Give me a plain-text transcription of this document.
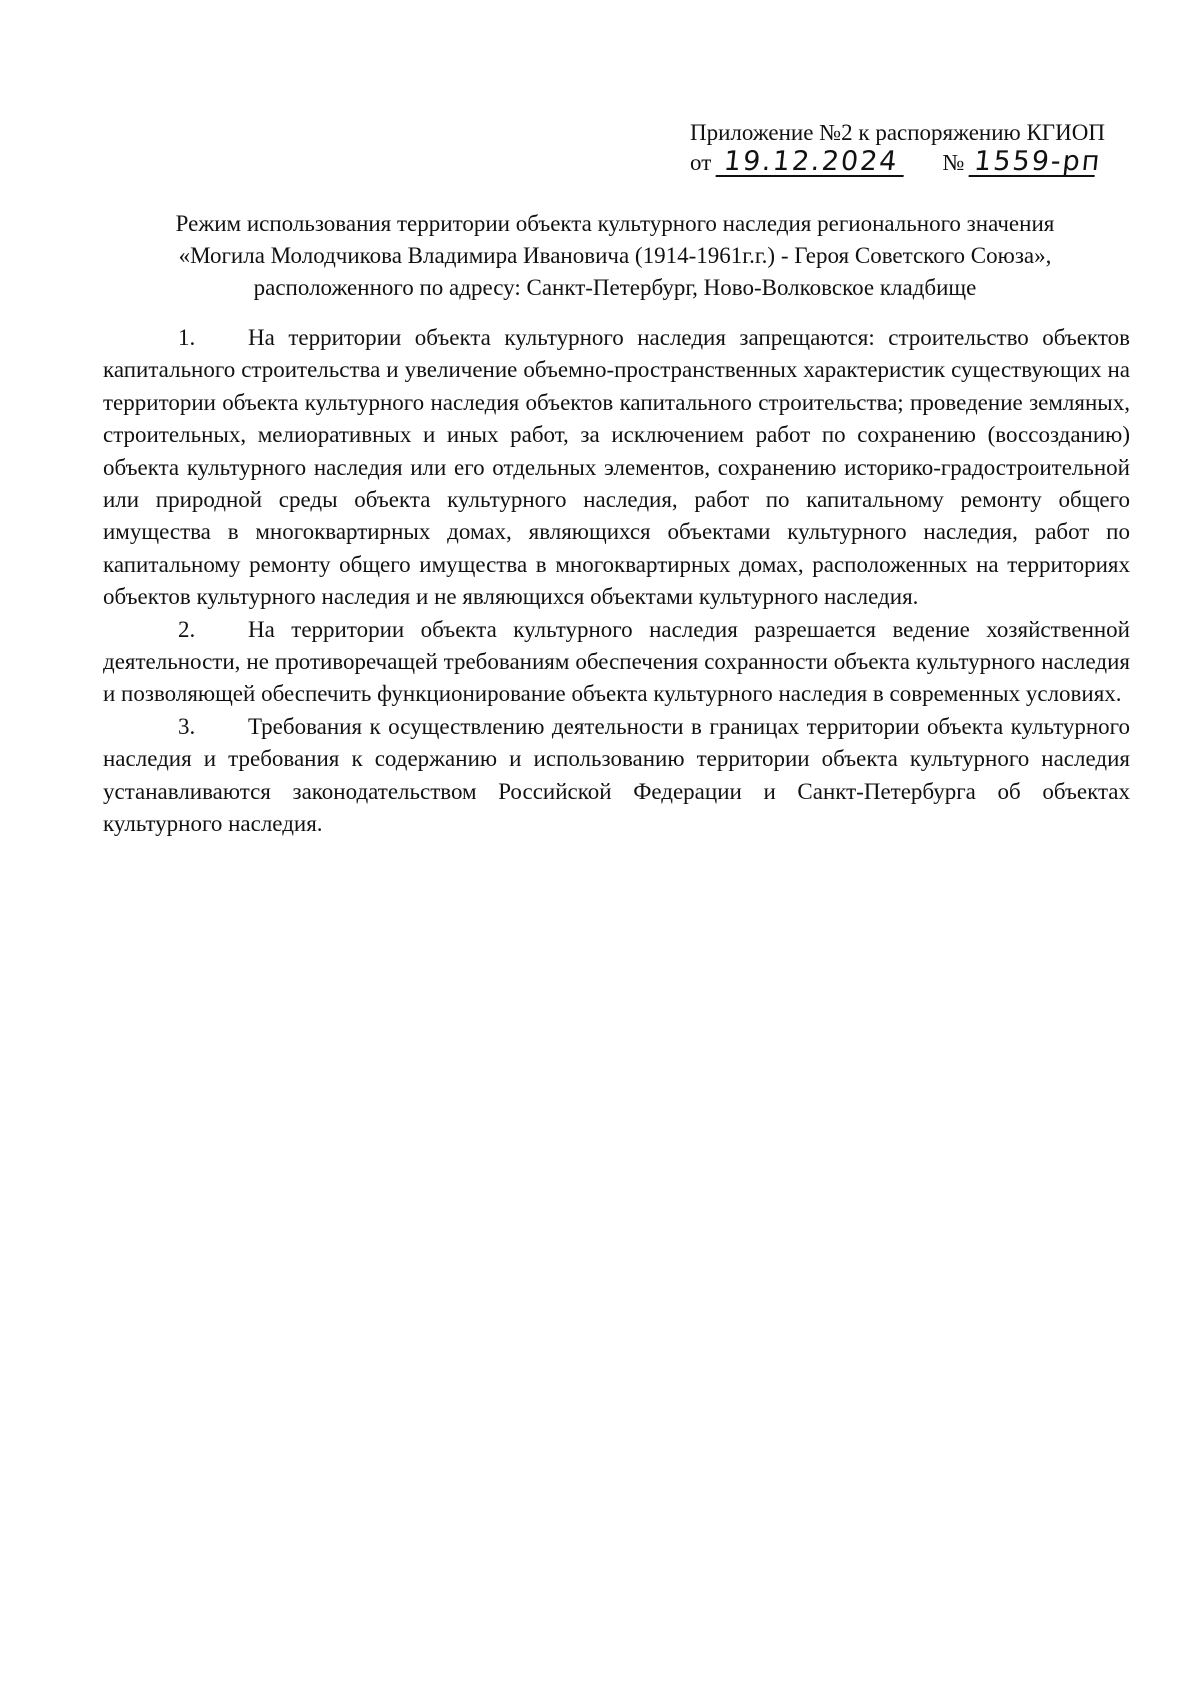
Приложение №2 к распоряжению КГИОП
от 19.12.2024 № 1559-рп
Режим использования территории объекта культурного наследия регионального значения
«Могила Молодчикова Владимира Ивановича (1914-1961г.г.) - Героя Советского Союза»,
расположенного по адресу: Санкт-Петербург, Ново-Волковское кладбище

1. На территории объекта культурного наследия запрещаются: строительство объектов капитального строительства и увеличение объемно-пространственных характеристик существующих на территории объекта культурного наследия объектов капитального строительства; проведение земляных, строительных, мелиоративных и иных работ, за исключением работ по сохранению (воссозданию) объекта культурного наследия или его отдельных элементов, сохранению историко-градостроительной или природной среды объекта культурного наследия, работ по капитальному ремонту общего имущества в многоквартирных домах, являющихся объектами культурного наследия, работ по капитальному ремонту общего имущества в многоквартирных домах, расположенных на территориях объектов культурного наследия и не являющихся объектами культурного наследия.

2. На территории объекта культурного наследия разрешается ведение хозяйственной деятельности, не противоречащей требованиям обеспечения сохранности объекта культурного наследия и позволяющей обеспечить функционирование объекта культурного наследия в современных условиях.

3. Требования к осуществлению деятельности в границах территории объекта культурного наследия и требования к содержанию и использованию территории объекта культурного наследия устанавливаются законодательством Российской Федерации и Санкт-Петербурга об объектах культурного наследия.
